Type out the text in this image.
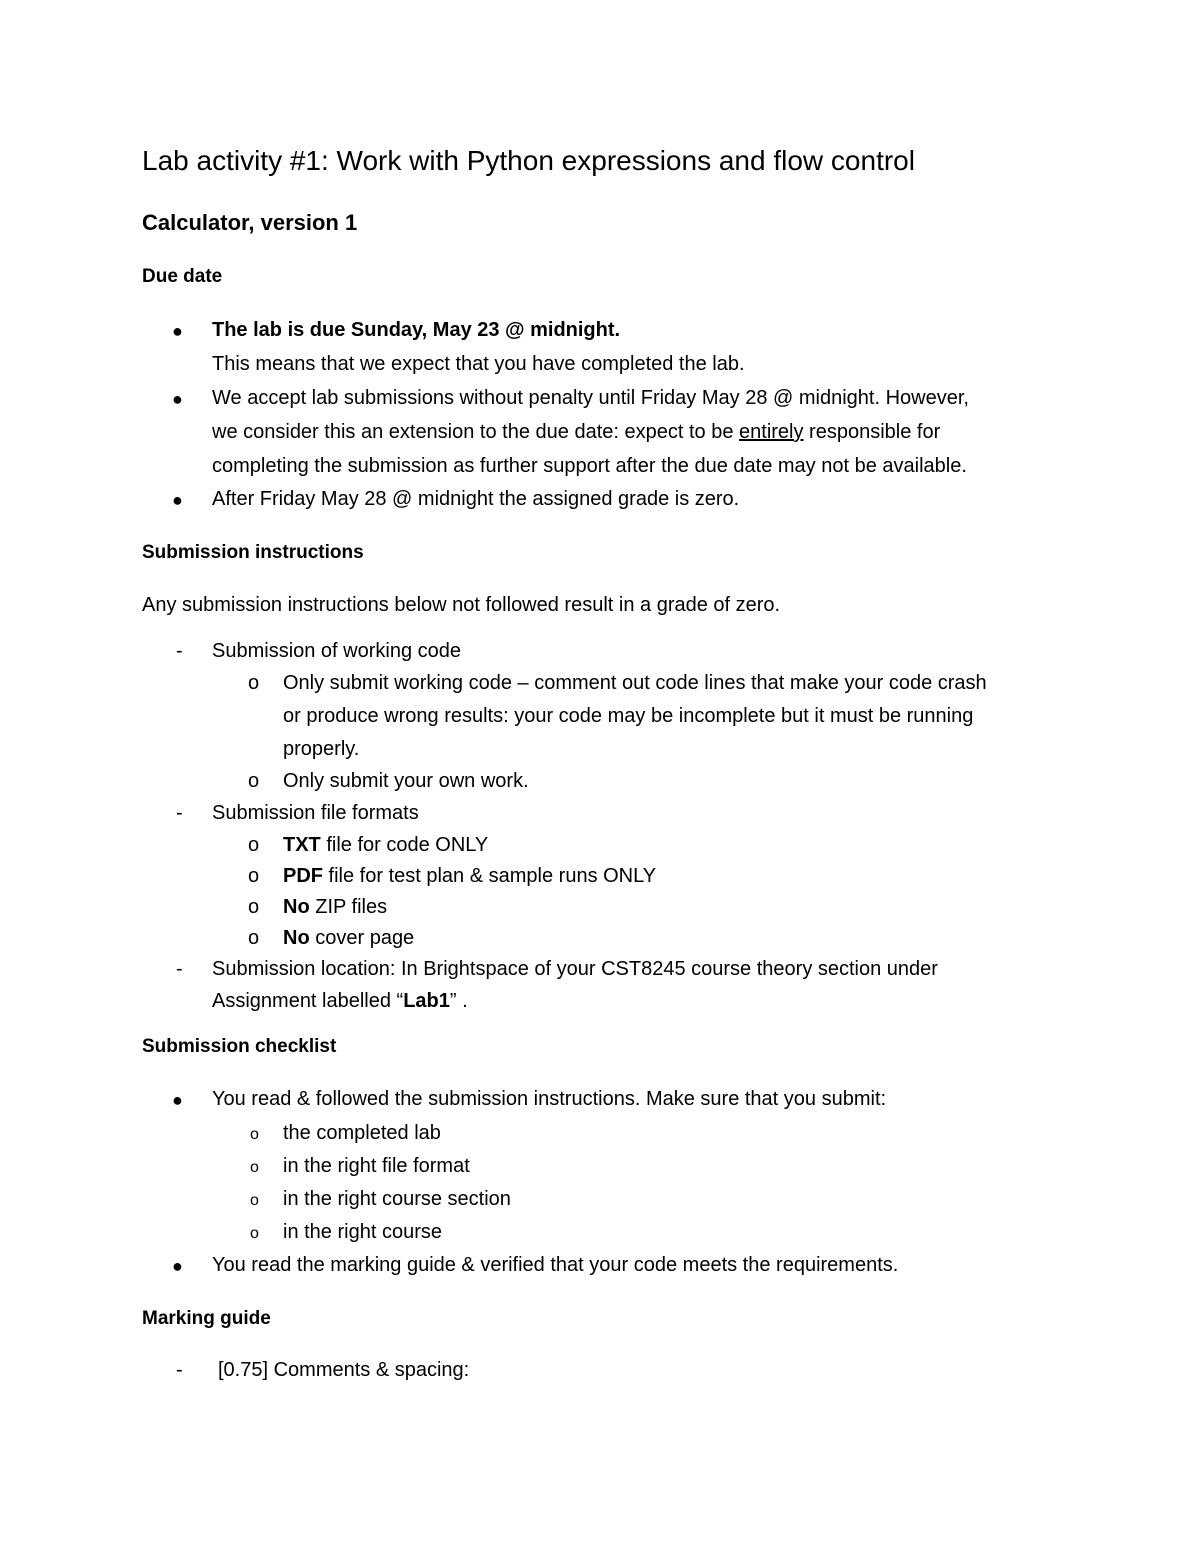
Lab activity #1: Work with Python expressions and flow control
Calculator, version 1
Due date
● The lab is due Sunday, May 23 @ midnight.
This means that we expect that you have completed the lab.
● We accept lab submissions without penalty until Friday May 28 @ midnight. However,
we consider this an extension to the due date: expect to be entirely responsible for
completing the submission as further support after the due date may not be available.
● After Friday May 28 @ midnight the assigned grade is zero.
Submission instructions
Any submission instructions below not followed result in a grade of zero.
- Submission of working code
o Only submit working code – comment out code lines that make your code crash
or produce wrong results: your code may be incomplete but it must be running
properly.
o Only submit your own work.
- Submission file formats
o TXT file for code ONLY
o PDF file for test plan & sample runs ONLY
o No ZIP files
o No cover page
- Submission location: In Brightspace of your CST8245 course theory section under
Assignment labelled “Lab1” .
Submission checklist
● You read & followed the submission instructions. Make sure that you submit:
o the completed lab
o in the right file format
o in the right course section
o in the right course
● You read the marking guide & verified that your code meets the requirements.
Marking guide
- [0.75] Comments & spacing:
